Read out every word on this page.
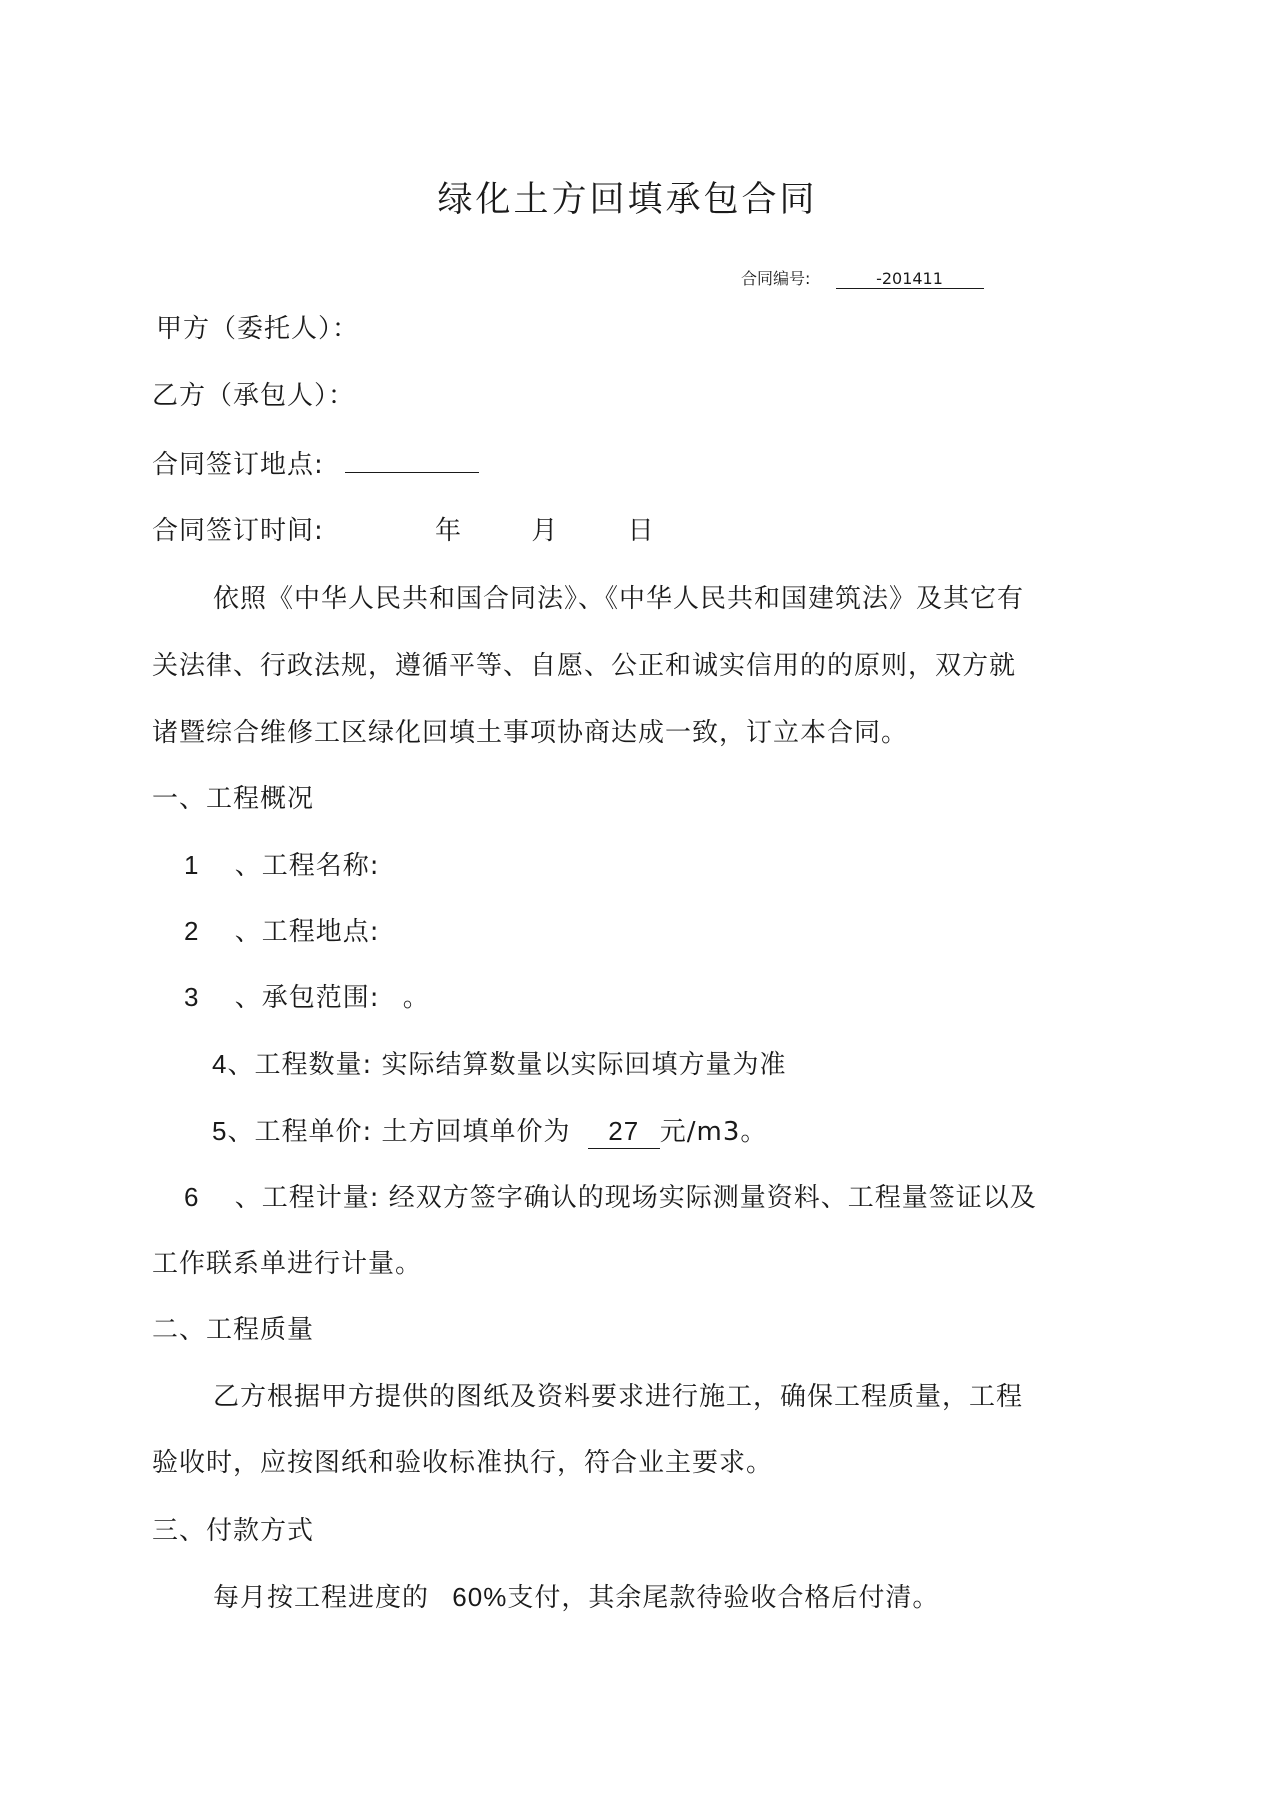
绿化土方回填承包合同
合同编号:	-201411
甲方（委托人）：
乙方（承包人）：
合同签订地点:
合同签订时间:	年	月	日
依照《中华人民共和国合同法》、《中华人民共和国建筑法》及其它有
关法律、行政法规，遵循平等、自愿、公正和诚实信用的的原则，双方就
诸暨综合维修工区绿化回填土事项协商达成一致，订立本合同。
一、工程概况
1 、工程名称:
2 、工程地点:
3 、承包范围: 。
4、工程数量: 实际结算数量以实际回填方量为准
5、工程单价: 土方回填单价为 27 元/m3。
6 、工程计量: 经双方签字确认的现场实际测量资料、工程量签证以及
工作联系单进行计量。
二、工程质量
乙方根据甲方提供的图纸及资料要求进行施工，确保工程质量，工程
验收时，应按图纸和验收标准执行，符合业主要求。
三、付款方式
每月按工程进度的 60%支付，其余尾款待验收合格后付清。
